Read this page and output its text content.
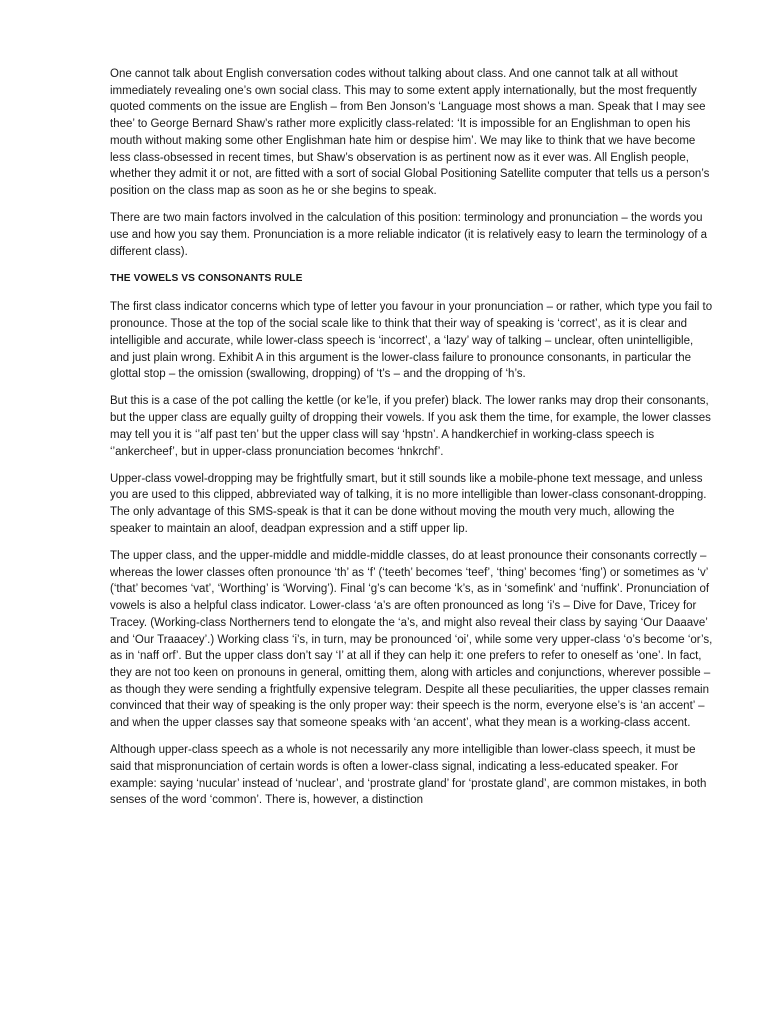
One cannot talk about English conversation codes without talking about class. And one cannot talk at all without immediately revealing one’s own social class. This may to some extent apply internationally, but the most frequently quoted comments on the issue are English – from Ben Jonson’s ‘Language most shows a man. Speak that I may see thee’ to George Bernard Shaw’s rather more explicitly class-related: ‘It is impossible for an Englishman to open his mouth without making some other Englishman hate him or despise him’. We may like to think that we have become less class-obsessed in recent times, but Shaw’s observation is as pertinent now as it ever was. All English people, whether they admit it or not, are fitted with a sort of social Global Positioning Satellite computer that tells us a person’s position on the class map as soon as he or she begins to speak.

There are two main factors involved in the calculation of this position: terminology and pronunciation – the words you use and how you say them. Pronunciation is a more reliable indicator (it is relatively easy to learn the terminology of a different class).

THE VOWELS VS CONSONANTS RULE

The first class indicator concerns which type of letter you favour in your pronunciation – or rather, which type you fail to pronounce. Those at the top of the social scale like to think that their way of speaking is ‘correct’, as it is clear and intelligible and accurate, while lower-class speech is ‘incorrect’, a ‘lazy’ way of talking – unclear, often unintelligible, and just plain wrong. Exhibit A in this argument is the lower-class failure to pronounce consonants, in particular the glottal stop – the omission (swallowing, dropping) of ‘t’s – and the dropping of ‘h’s.

But this is a case of the pot calling the kettle (or ke’le, if you prefer) black. The lower ranks may drop their consonants, but the upper class are equally guilty of dropping their vowels. If you ask them the time, for example, the lower classes may tell you it is ‘’alf past ten’ but the upper class will say ‘hpstn’. A handkerchief in working-class speech is ‘’ankercheef’, but in upper-class pronunciation becomes ‘hnkrchf’.

Upper-class vowel-dropping may be frightfully smart, but it still sounds like a mobile-phone text message, and unless you are used to this clipped, abbreviated way of talking, it is no more intelligible than lower-class consonant-dropping. The only advantage of this SMS-speak is that it can be done without moving the mouth very much, allowing the speaker to maintain an aloof, deadpan expression and a stiff upper lip.

The upper class, and the upper-middle and middle-middle classes, do at least pronounce their consonants correctly – whereas the lower classes often pronounce ‘th’ as ‘f’ (‘teeth’ becomes ‘teef’, ‘thing’ becomes ‘fing’) or sometimes as ‘v’ (‘that’ becomes ‘vat’, ‘Worthing’ is ‘Worving’). Final ‘g’s can become ‘k’s, as in ‘somefink’ and ‘nuffink’. Pronunciation of vowels is also a helpful class indicator. Lower-class ‘a’s are often pronounced as long ‘i’s – Dive for Dave, Tricey for Tracey. (Working-class Northerners tend to elongate the ‘a’s, and might also reveal their class by saying ‘Our Daaave’ and ‘Our Traaacey’.) Working class ‘i’s, in turn, may be pronounced ‘oi’, while some very upper-class ‘o’s become ‘or’s, as in ‘naff orf’. But the upper class don’t say ‘I’ at all if they can help it: one prefers to refer to oneself as ‘one’. In fact, they are not too keen on pronouns in general, omitting them, along with articles and conjunctions, wherever possible – as though they were sending a frightfully expensive telegram. Despite all these peculiarities, the upper classes remain convinced that their way of speaking is the only proper way: their speech is the norm, everyone else’s is ‘an accent’ – and when the upper classes say that someone speaks with ‘an accent’, what they mean is a working-class accent.

Although upper-class speech as a whole is not necessarily any more intelligible than lower-class speech, it must be said that mispronunciation of certain words is often a lower-class signal, indicating a less-educated speaker. For example: saying ‘nucular’ instead of ‘nuclear’, and ‘prostrate gland’ for ‘prostate gland’, are common mistakes, in both senses of the word ‘common’. There is, however, a distinction
